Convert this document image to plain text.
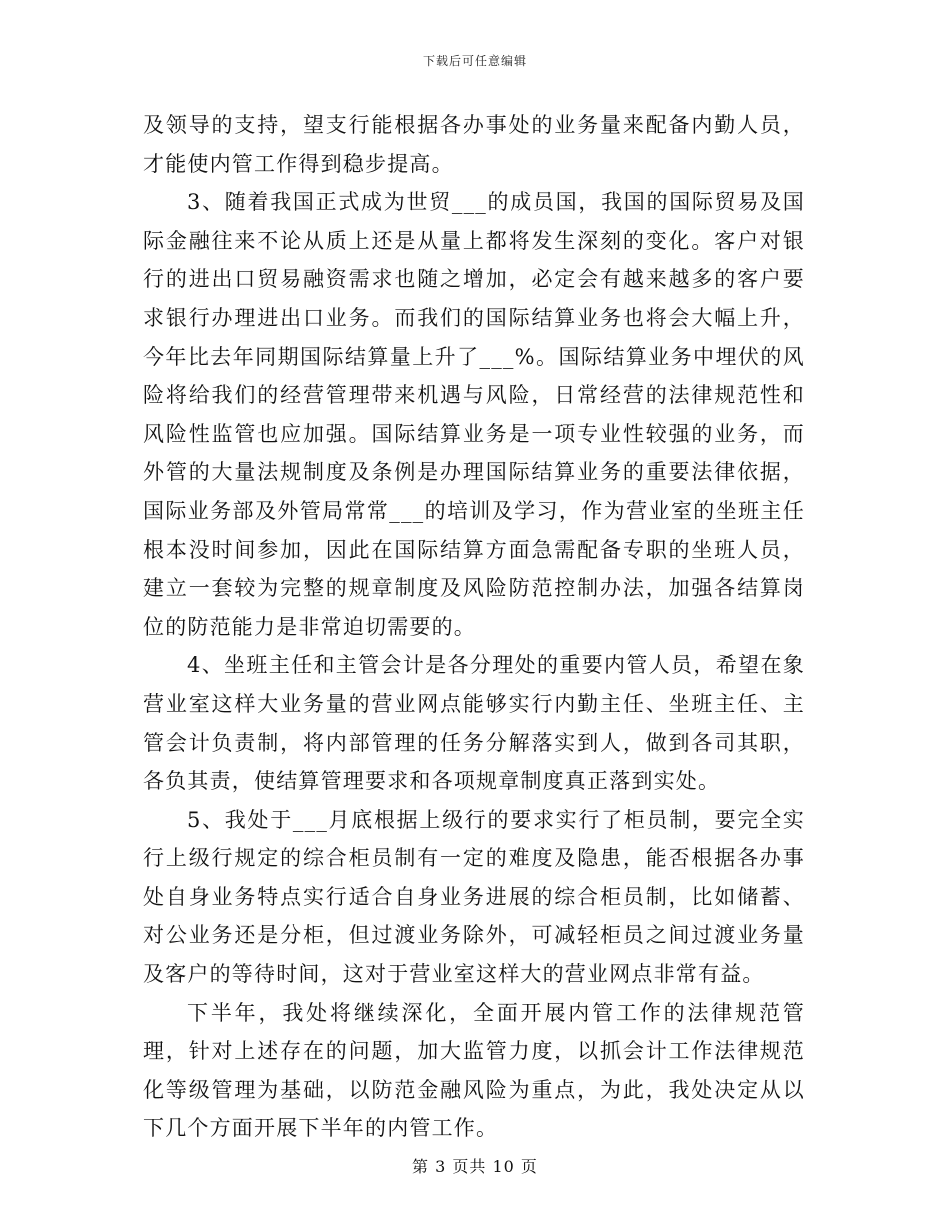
下载后可任意编辑

及领导的支持，望支行能根据各办事处的业务量来配备内勤人员，才能使内管工作得到稳步提高。

3、随着我国正式成为世贸___的成员国，我国的国际贸易及国际金融往来不论从质上还是从量上都将发生深刻的变化。客户对银行的进出口贸易融资需求也随之增加，必定会有越来越多的客户要求银行办理进出口业务。而我们的国际结算业务也将会大幅上升，今年比去年同期国际结算量上升了___%。国际结算业务中埋伏的风险将给我们的经营管理带来机遇与风险，日常经营的法律规范性和风险性监管也应加强。国际结算业务是一项专业性较强的业务，而外管的大量法规制度及条例是办理国际结算业务的重要法律依据，国际业务部及外管局常常___的培训及学习，作为营业室的坐班主任根本没时间参加，因此在国际结算方面急需配备专职的坐班人员，建立一套较为完整的规章制度及风险防范控制办法，加强各结算岗位的防范能力是非常迫切需要的。

4、坐班主任和主管会计是各分理处的重要内管人员，希望在象营业室这样大业务量的营业网点能够实行内勤主任、坐班主任、主管会计负责制，将内部管理的任务分解落实到人，做到各司其职，各负其责，使结算管理要求和各项规章制度真正落到实处。

5、我处于___月底根据上级行的要求实行了柜员制，要完全实行上级行规定的综合柜员制有一定的难度及隐患，能否根据各办事处自身业务特点实行适合自身业务进展的综合柜员制，比如储蓄、对公业务还是分柜，但过渡业务除外，可减轻柜员之间过渡业务量及客户的等待时间，这对于营业室这样大的营业网点非常有益。

下半年，我处将继续深化，全面开展内管工作的法律规范管理，针对上述存在的问题，加大监管力度，以抓会计工作法律规范化等级管理为基础，以防范金融风险为重点，为此，我处决定从以下几个方面开展下半年的内管工作。

第 3 页共 10 页
